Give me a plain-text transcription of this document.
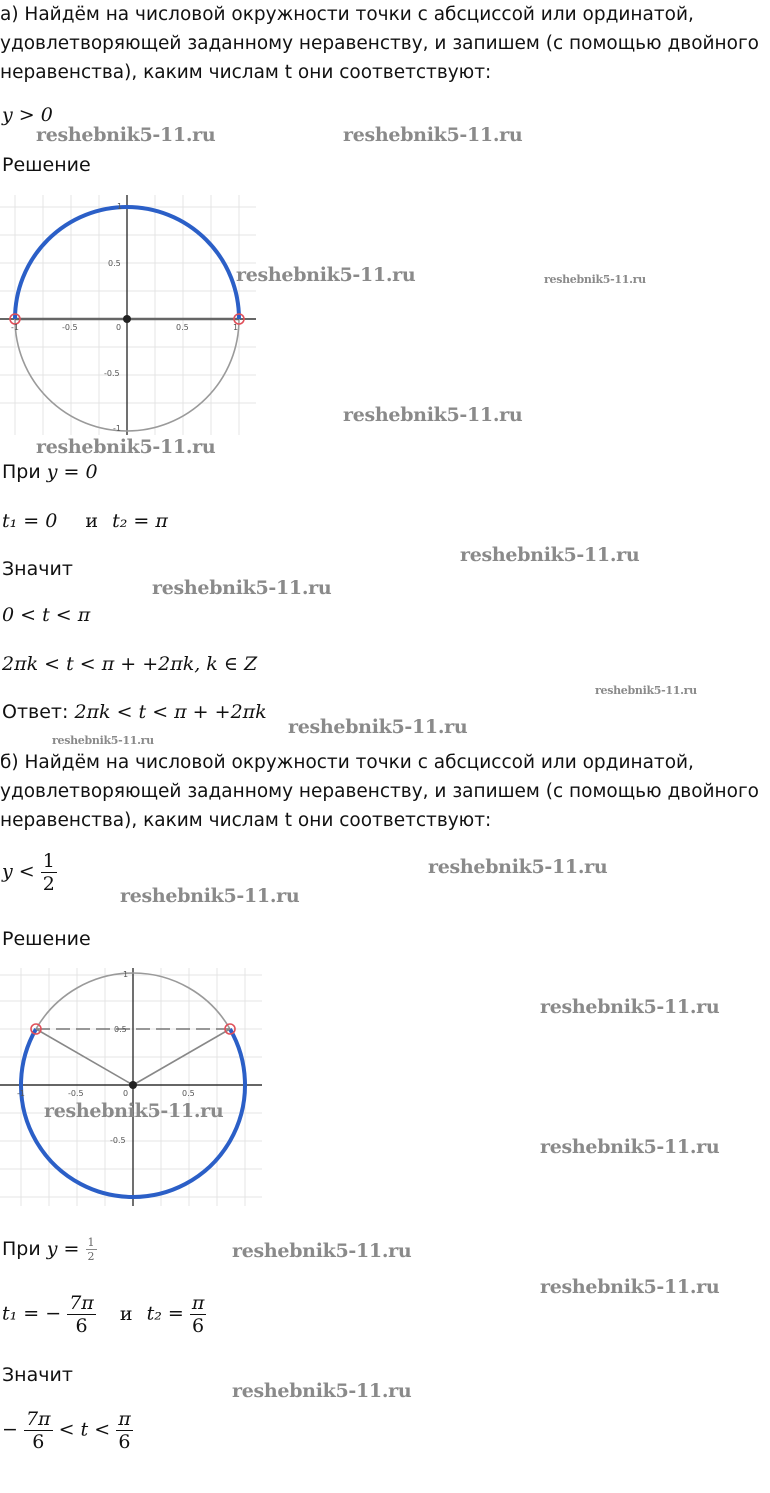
а) Найдём на числовой окружности точки с абсциссой или ординатой,
удовлетворяющей заданному неравенству, и запишем (с помощью двойного
неравенства), каким числам t они соответствуют:
y > 0
Решение
-1	-0.5	0	0.5	1
1
0.5
-0.5
-1
При y = 0
t₁ = 0 и t₂ = π
Значит
0 < t < π
2πk < t < π + +2πk, k ∈ Z
Ответ: 2πk < t < π + +2πk
б) Найдём на числовой окружности точки с абсциссой или ординатой,
удовлетворяющей заданному неравенству, и запишем (с помощью двойного
неравенства), каким числам t они соответствуют:
$y < \frac{1}{2}$
Решение
-1	-0.5	0	0.5
1
0.5
-0.5
При $y = \frac{1}{2}$
t₁ = − $\frac{7\pi}{6}$ и $t_2 = \frac{\pi}{6}$
Значит
− $\frac{7\pi}{6} < t < \frac{\pi}{6}$
reshebnik5-11.ru	reshebnik5-11.ru
reshebnik5-11.ru	reshebnik5-11.ru
reshebnik5-11.ru
reshebnik5-11.ru
reshebnik5-11.ru
reshebnik5-11.ru
reshebnik5-11.ru
reshebnik5-11.ru
reshebnik5-11.ru
reshebnik5-11.ru
reshebnik5-11.ru
reshebnik5-11.ru
reshebnik5-11.ru
reshebnik5-11.ru
reshebnik5-11.ru
reshebnik5-11.ru
reshebnik5-11.ru
